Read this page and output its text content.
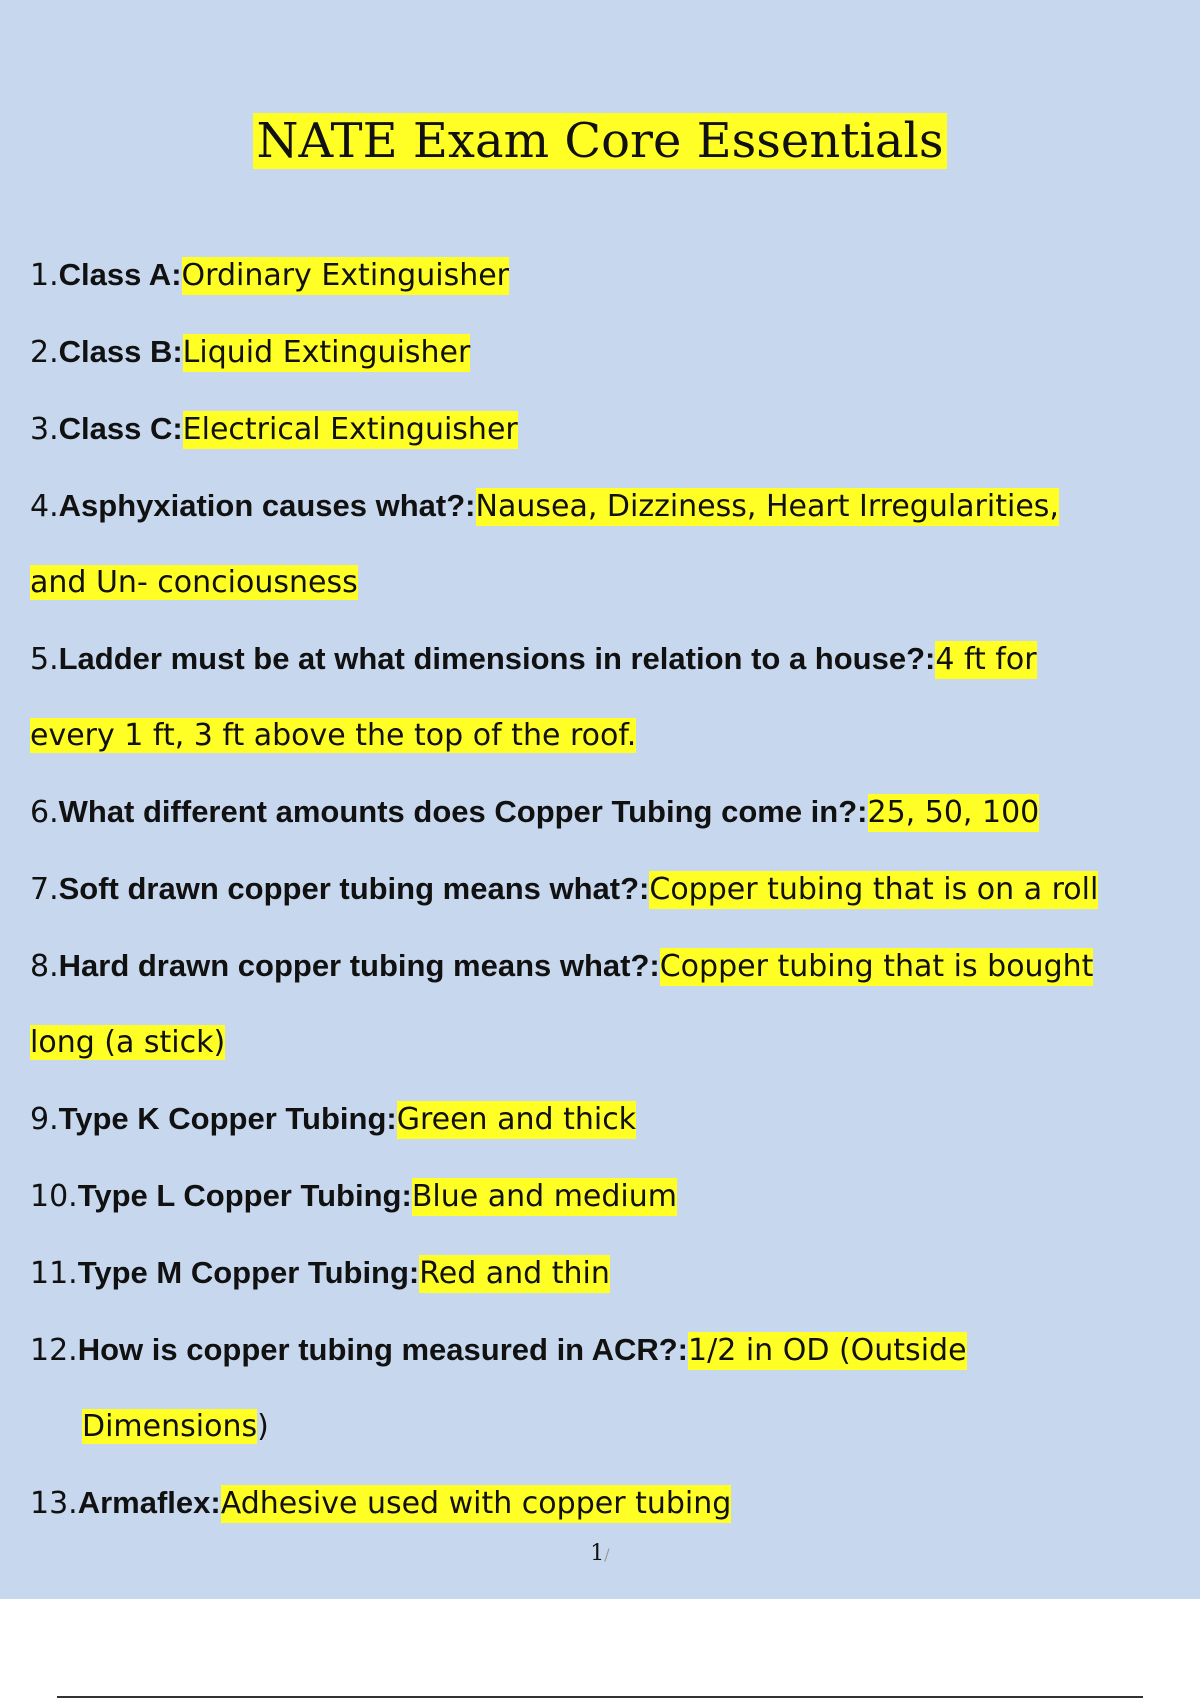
NATE Exam Core Essentials
1. Class A: Ordinary Extinguisher
2. Class B: Liquid Extinguisher
3. Class C: Electrical Extinguisher
4. Asphyxiation causes what?: Nausea, Dizziness, Heart Irregularities,
and Un- conciousness
5. Ladder must be at what dimensions in relation to a house?: 4 ft for
every 1 ft, 3 ft above the top of the roof.
6. What different amounts does Copper Tubing come in?: 25, 50, 100
7. Soft drawn copper tubing means what?: Copper tubing that is on a roll
8. Hard drawn copper tubing means what?: Copper tubing that is bought
long (a stick)
9. Type K Copper Tubing: Green and thick
10. Type L Copper Tubing: Blue and medium
11. Type M Copper Tubing: Red and thin
12. How is copper tubing measured in ACR?: 1/2 in OD (Outside
Dimensions)
13. Armaflex: Adhesive used with copper tubing
1/
